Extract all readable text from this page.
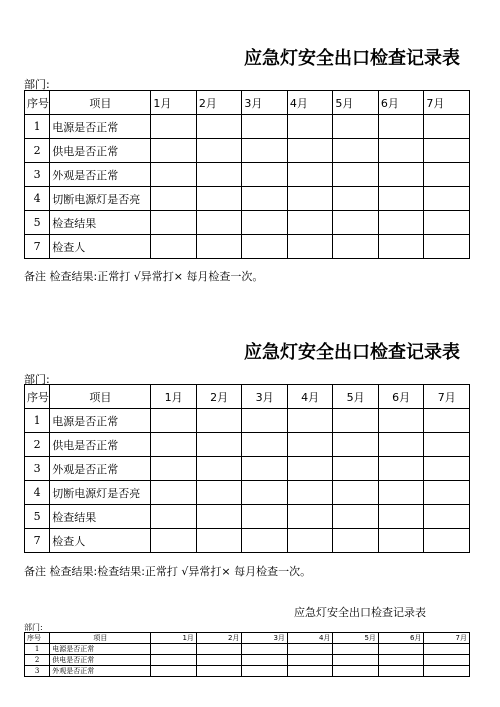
应急灯安全出口检查记录表
部门:
序号	项目	1月	2月	3月	4月	5月	6月	7月
1	电源是否正常							
2	供电是否正常							
3	外观是否正常							
4	切断电源灯是否亮							
5	检查结果							
7	检查人							
备注 检查结果:正常打 √异常打× 每月检查一次。
应急灯安全出口检查记录表
部门:
序号	项目	1月	2月	3月	4月	5月	6月	7月
1	电源是否正常							
2	供电是否正常							
3	外观是否正常							
4	切断电源灯是否亮							
5	检查结果							
7	检查人							
备注 检查结果:检查结果:正常打 √异常打× 每月检查一次。
应急灯安全出口检查记录表
部门:
序号	项目	1月	2月	3月	4月	5月	6月	7月
1	电源是否正常							
2	供电是否正常							
3	外观是否正常							
